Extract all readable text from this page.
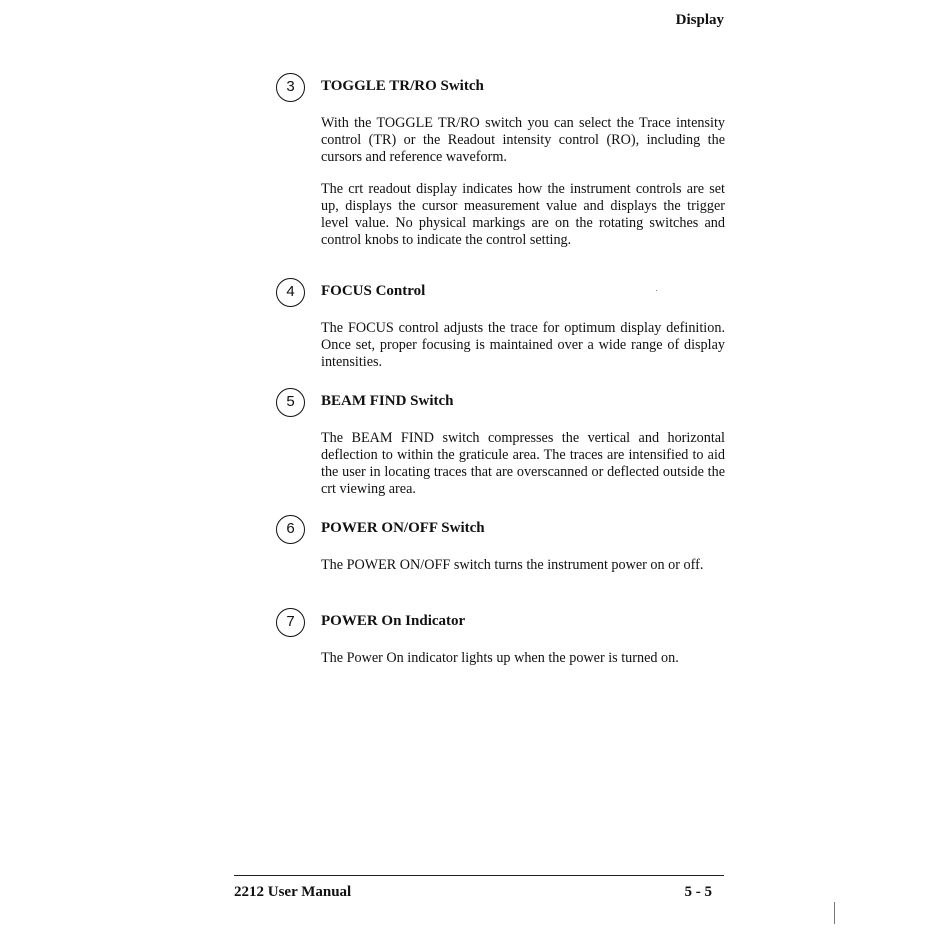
Display
3	TOGGLE TR/RO Switch

With the TOGGLE TR/RO switch you can select the Trace intensity control (TR) or the Readout intensity control (RO), including the cursors and reference waveform.

The crt readout display indicates how the instrument controls are set up, displays the cursor measurement value and displays the trigger level value. No physical markings are on the rotating switches and control knobs to indicate the control setting.

4	FOCUS Control

The FOCUS control adjusts the trace for optimum display definition. Once set, proper focusing is maintained over a wide range of display intensities.

5	BEAM FIND Switch

The BEAM FIND switch compresses the vertical and horizontal deflection to within the graticule area. The traces are intensified to aid the user in locating traces that are overscanned or deflected outside the crt viewing area.

6	POWER ON/OFF Switch

The POWER ON/OFF switch turns the instrument power on or off.

7	POWER On Indicator

The Power On indicator lights up when the power is turned on.

2212 User Manual	5 - 5
